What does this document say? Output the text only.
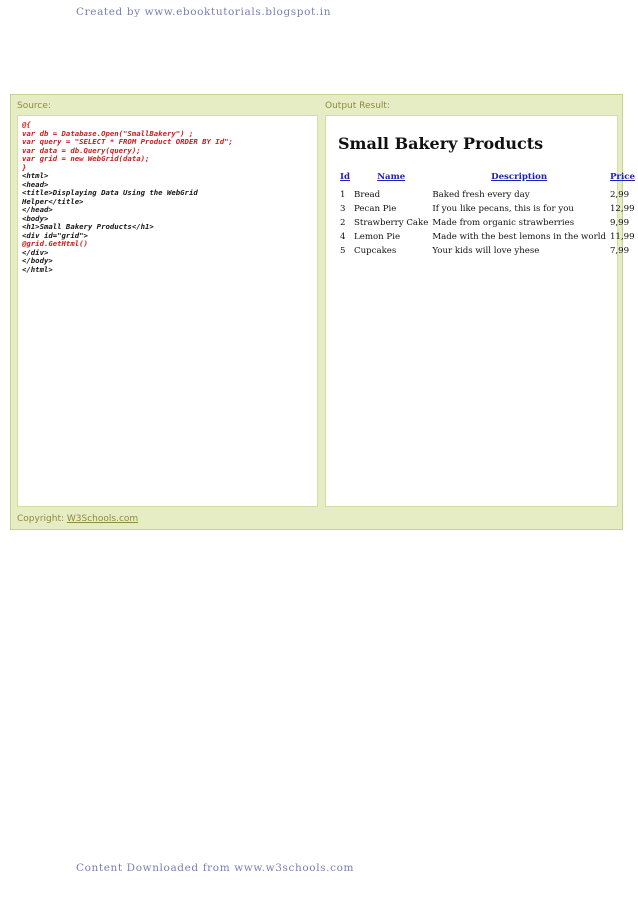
Created by www.ebooktutorials.blogspot.in
Source:	Output Result:
@{
var db = Database.Open("SmallBakery") ;
var query = "SELECT * FROM Product ORDER BY Id";
var data = db.Query(query);
var grid = new WebGrid(data);
}
<html>
<head>
<title>Displaying Data Using the WebGrid
Helper</title>
</head>
<body>
<h1>Small Bakery Products</h1>
<div id="grid">
@grid.GetHtml()
</div>
</body>
</html>
Small Bakery Products
Id	Name	Description	Price
1	Bread	Baked fresh every day	2,99
3	Pecan Pie	If you like pecans, this is for you	12,99
2	Strawberry Cake	Made from organic strawberries	9,99
4	Lemon Pie	Made with the best lemons in the world	11,99
5	Cupcakes	Your kids will love yhese	7,99
Copyright: W3Schools.com
Content Downloaded from www.w3schools.com
